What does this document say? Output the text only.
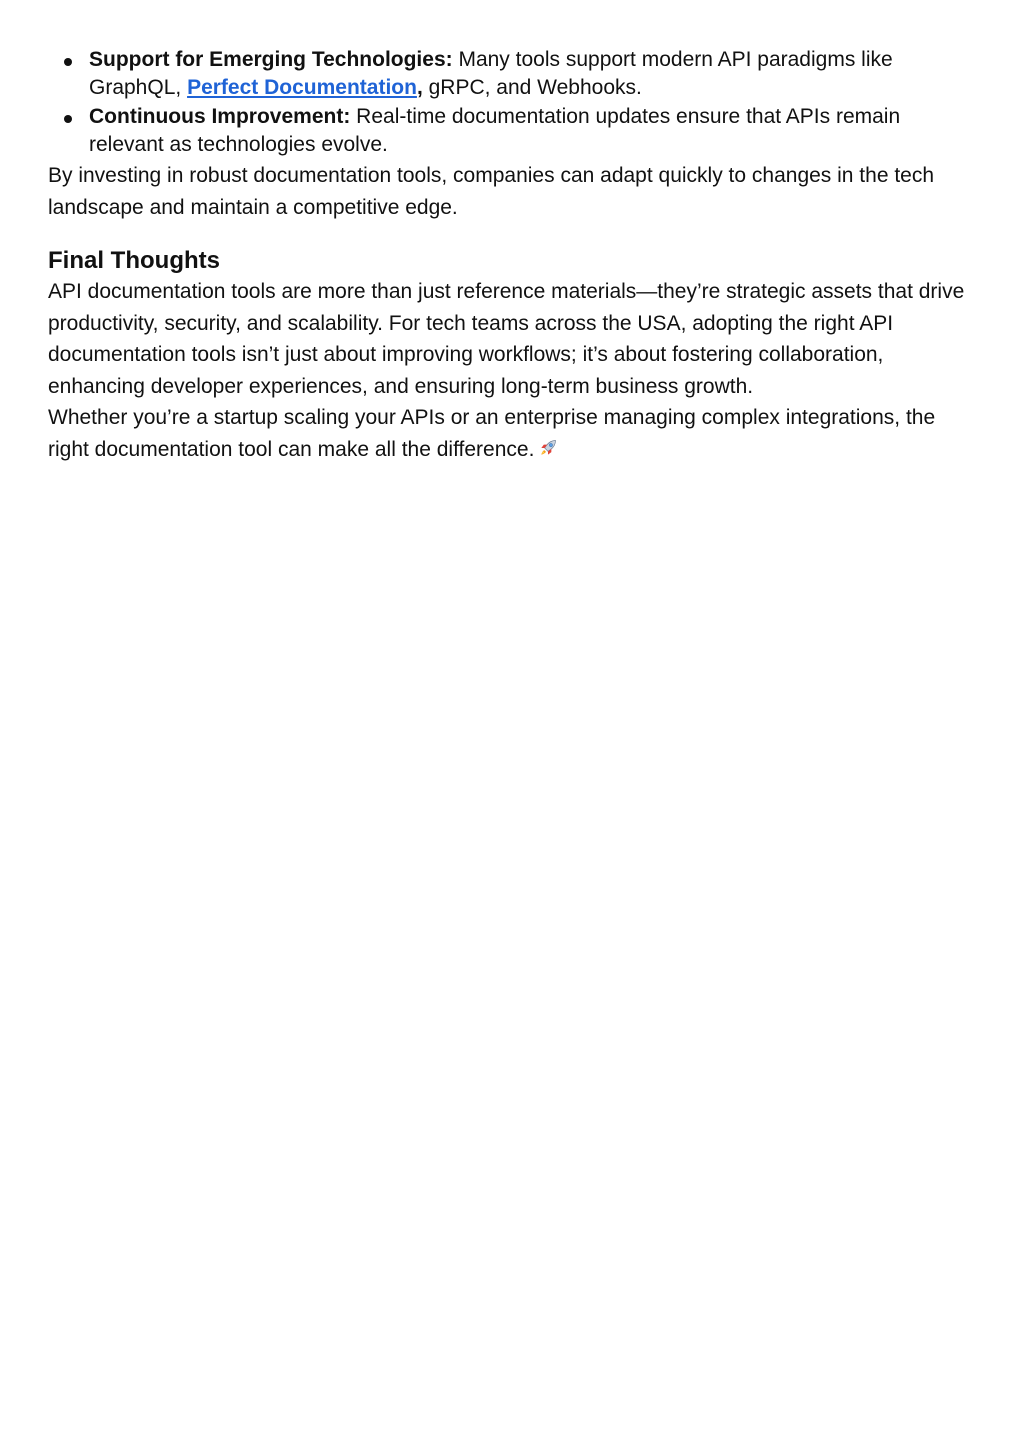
Support for Emerging Technologies: Many tools support modern API paradigms like GraphQL, Perfect Documentation, gRPC, and Webhooks.
Continuous Improvement: Real-time documentation updates ensure that APIs remain relevant as technologies evolve.

By investing in robust documentation tools, companies can adapt quickly to changes in the tech landscape and maintain a competitive edge.

Final Thoughts

API documentation tools are more than just reference materials—they’re strategic assets that drive productivity, security, and scalability. For tech teams across the USA, adopting the right API documentation tools isn’t just about improving workflows; it’s about fostering collaboration, enhancing developer experiences, and ensuring long-term business growth.

Whether you’re a startup scaling your APIs or an enterprise managing complex integrations, the right documentation tool can make all the difference.
